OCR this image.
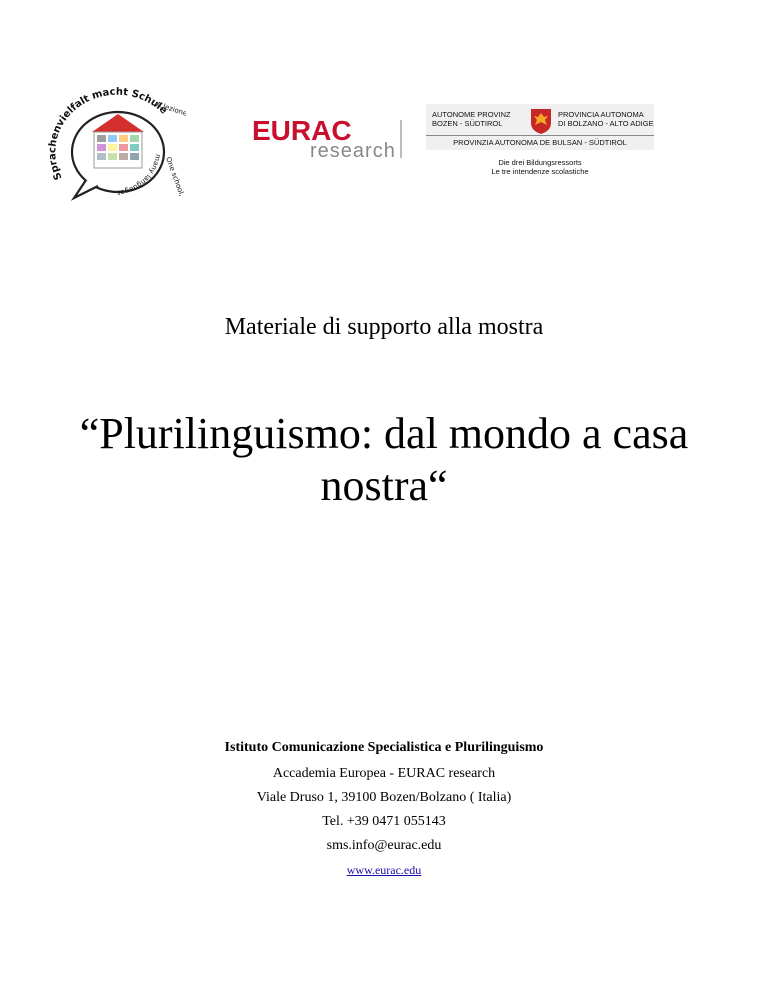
Sprachenvielfalt macht Schule
A lezione
One school,
many languages
EURAC
research
AUTONOME PROVINZ
BOZEN - SÜDTIROL
PROVINCIA AUTONOMA
DI BOLZANO - ALTO ADIGE
PROVINZIA AUTONOMA DE BULSAN - SÜDTIROL
Die drei Bildungsressorts
Le tre intendenze scolastiche
Materiale di supporto alla mostra
“Plurilinguismo: dal mondo a casa nostra“
Istituto Comunicazione Specialistica e Plurilinguismo
Accademia Europea - EURAC research
Viale Druso 1, 39100 Bozen/Bolzano ( Italia)
Tel. +39 0471 055143
sms.info@eurac.edu
www.eurac.edu
